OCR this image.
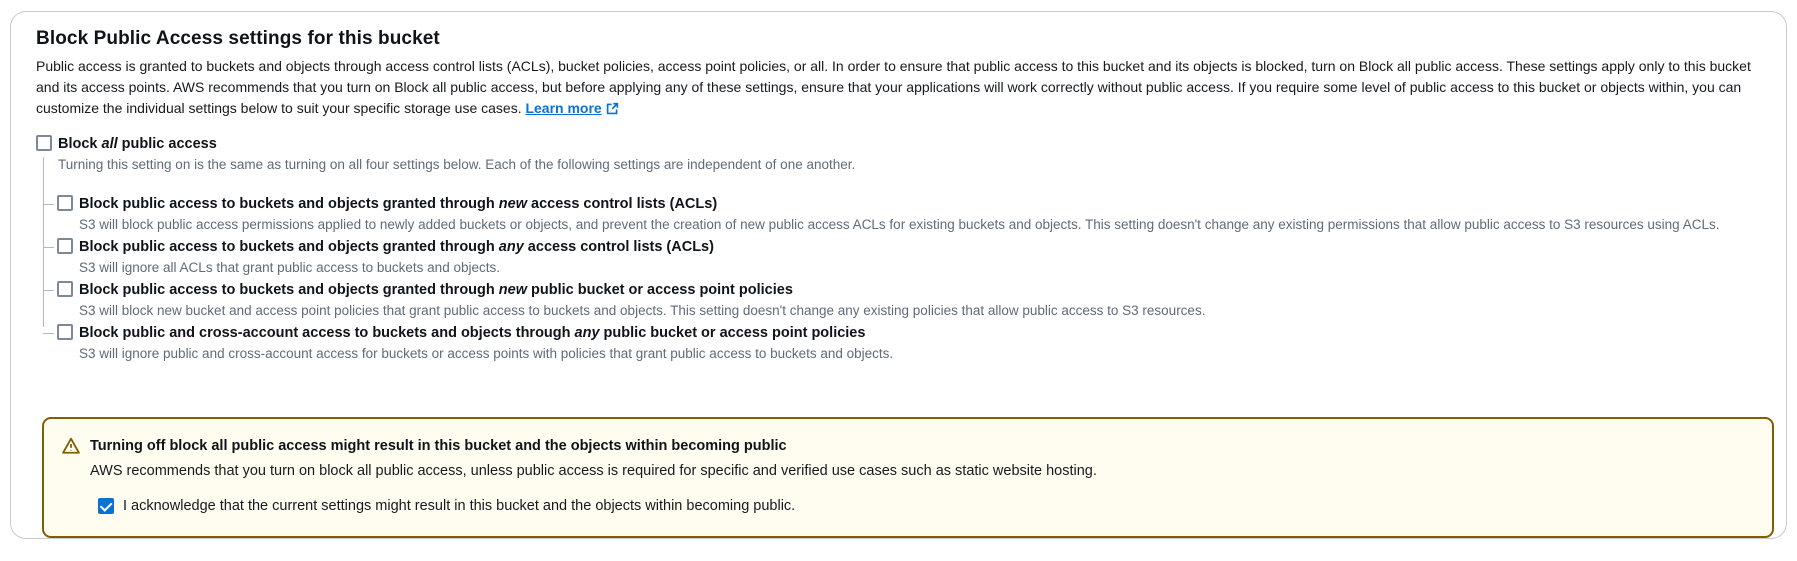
Block Public Access settings for this bucket

Public access is granted to buckets and objects through access control lists (ACLs), bucket policies, access point policies, or all. In order to ensure that public access to this bucket and its objects is blocked, turn on Block all public access. These settings apply only to this bucket and its access points. AWS recommends that you turn on Block all public access, but before applying any of these settings, ensure that your applications will work correctly without public access. If you require some level of public access to this bucket or objects within, you can customize the individual settings below to suit your specific storage use cases. Learn more

Block all public access
Turning this setting on is the same as turning on all four settings below. Each of the following settings are independent of one another.
Block public access to buckets and objects granted through new access control lists (ACLs)
S3 will block public access permissions applied to newly added buckets or objects, and prevent the creation of new public access ACLs for existing buckets and objects. This setting doesn't change any existing permissions that allow public access to S3 resources using ACLs.
Block public access to buckets and objects granted through any access control lists (ACLs)
S3 will ignore all ACLs that grant public access to buckets and objects.
Block public access to buckets and objects granted through new public bucket or access point policies
S3 will block new bucket and access point policies that grant public access to buckets and objects. This setting doesn't change any existing policies that allow public access to S3 resources.
Block public and cross-account access to buckets and objects through any public bucket or access point policies
S3 will ignore public and cross-account access for buckets or access points with policies that grant public access to buckets and objects.
Turning off block all public access might result in this bucket and the objects within becoming public
AWS recommends that you turn on block all public access, unless public access is required for specific and verified use cases such as static website hosting.
I acknowledge that the current settings might result in this bucket and the objects within becoming public.
